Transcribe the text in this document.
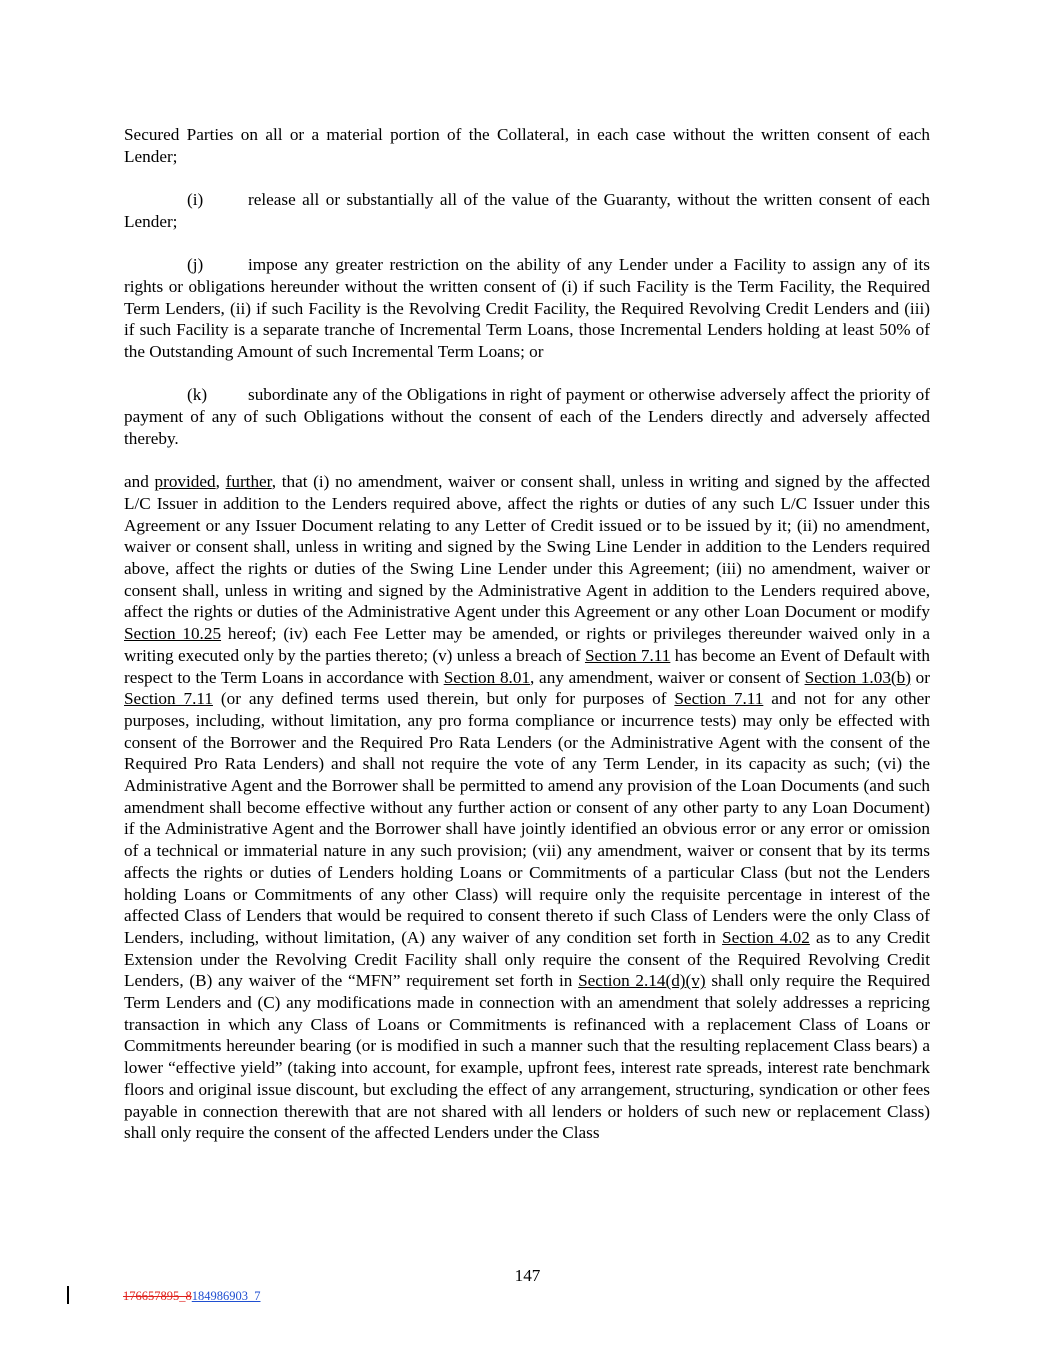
Secured Parties on all or a material portion of the Collateral, in each case without the written consent of each Lender;

(i)	release all or substantially all of the value of the Guaranty, without the written consent of each Lender;

(j)	impose any greater restriction on the ability of any Lender under a Facility to assign any of its rights or obligations hereunder without the written consent of (i) if such Facility is the Term Facility, the Required Term Lenders, (ii) if such Facility is the Revolving Credit Facility, the Required Revolving Credit Lenders and (iii) if such Facility is a separate tranche of Incremental Term Loans, those Incremental Lenders holding at least 50% of the Outstanding Amount of such Incremental Term Loans; or

(k) subordinate any of the Obligations in right of payment or otherwise adversely affect the priority of payment of any of such Obligations without the consent of each of the Lenders directly and adversely affected thereby.

and provided, further, that (i) no amendment, waiver or consent shall, unless in writing and signed by the affected L/C Issuer in addition to the Lenders required above, affect the rights or duties of any such L/C Issuer under this Agreement or any Issuer Document relating to any Letter of Credit issued or to be issued by it; (ii) no amendment, waiver or consent shall, unless in writing and signed by the Swing Line Lender in addition to the Lenders required above, affect the rights or duties of the Swing Line Lender under this Agreement; (iii) no amendment, waiver or consent shall, unless in writing and signed by the Administrative Agent in addition to the Lenders required above, affect the rights or duties of the Administrative Agent under this Agreement or any other Loan Document or modify Section 10.25 hereof; (iv) each Fee Letter may be amended, or rights or privileges thereunder waived only in a writing executed only by the parties thereto; (v) unless a breach of Section 7.11 has become an Event of Default with respect to the Term Loans in accordance with Section 8.01, any amendment, waiver or consent of Section 1.03(b) or Section 7.11 (or any defined terms used therein, but only for purposes of Section 7.11 and not for any other purposes, including, without limitation, any pro forma compliance or incurrence tests) may only be effected with consent of the Borrower and the Required Pro Rata Lenders (or the Administrative Agent with the consent of the Required Pro Rata Lenders) and shall not require the vote of any Term Lender, in its capacity as such; (vi) the Administrative Agent and the Borrower shall be permitted to amend any provision of the Loan Documents (and such amendment shall become effective without any further action or consent of any other party to any Loan Document) if the Administrative Agent and the Borrower shall have jointly identified an obvious error or any error or omission of a technical or immaterial nature in any such provision; (vii) any amendment, waiver or consent that by its terms affects the rights or duties of Lenders holding Loans or Commitments of a particular Class (but not the Lenders holding Loans or Commitments of any other Class) will require only the requisite percentage in interest of the affected Class of Lenders that would be required to consent thereto if such Class of Lenders were the only Class of Lenders, including, without limitation, (A) any waiver of any condition set forth in Section 4.02 as to any Credit Extension under the Revolving Credit Facility shall only require the consent of the Required Revolving Credit Lenders, (B) any waiver of the “MFN” requirement set forth in Section 2.14(d)(v) shall only require the Required Term Lenders and (C) any modifications made in connection with an amendment that solely addresses a repricing transaction in which any Class of Loans or Commitments is refinanced with a replacement Class of Loans or Commitments hereunder bearing (or is modified in such a manner such that the resulting replacement Class bears) a lower “effective yield” (taking into account, for example, upfront fees, interest rate spreads, interest rate benchmark floors and original issue discount, but excluding the effect of any arrangement, structuring, syndication or other fees payable in connection therewith that are not shared with all lenders or holders of such new or replacement Class) shall only require the consent of the affected Lenders under the Class

147
176657895_8184986903_7
